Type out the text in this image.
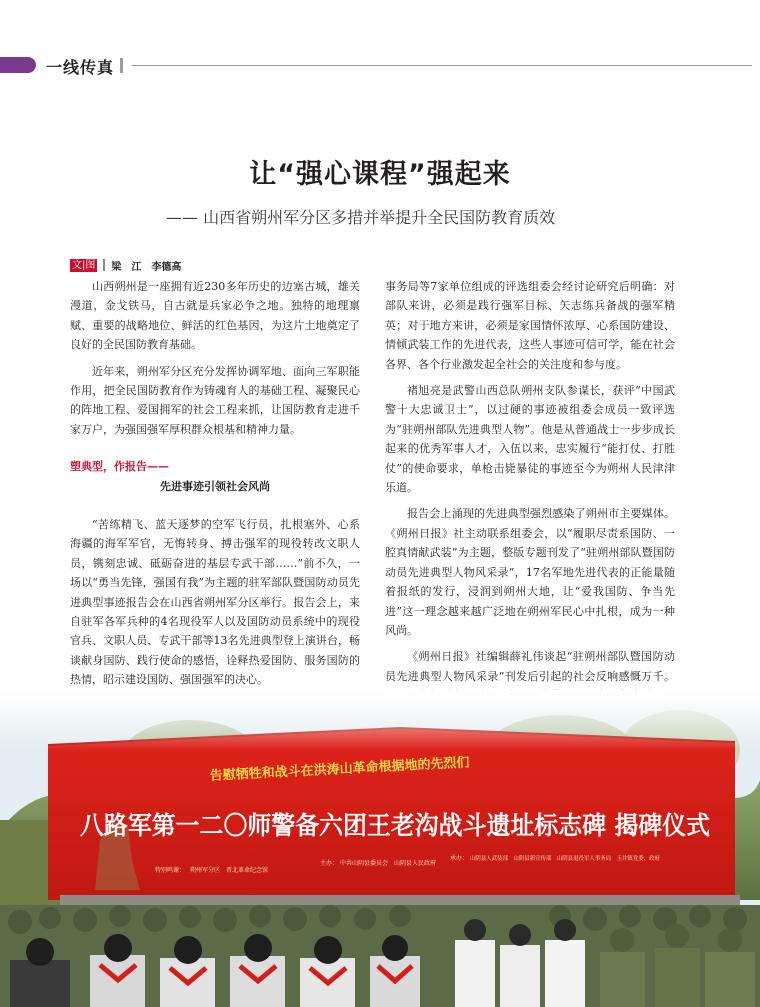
一线传真
让“强心课程”强起来
—— 山西省朔州军分区多措并举提升全民国防教育质效
文|图 梁　江　李德高

山西朔州是一座拥有近230多年历史的边塞古城，雄关漫道，金戈铁马，自古就是兵家必争之地。独特的地理禀赋、重要的战略地位、鲜活的红色基因，为这片土地奠定了良好的全民国防教育基础。

近年来，朔州军分区充分发挥协调军地、面向三军职能作用，把全民国防教育作为铸魂育人的基础工程、凝聚民心的阵地工程、爱国拥军的社会工程来抓，让国防教育走进千家万户，为强国强军厚积群众根基和精神力量。

塑典型，作报告——
先进事迹引领社会风尚

“苦练精飞、蓝天逐梦的空军飞行员，扎根塞外、心系海疆的海军军官，无悔转身、搏击强军的现役转改文职人员，镌刻忠诚、砥砺奋进的基层专武干部……”前不久，一场以“勇当先锋，强国有我”为主题的驻军部队暨国防动员先进典型事迹报告会在山西省朔州军分区举行。报告会上，来自驻军各军兵种的4名现役军人以及国防动员系统中的现役官兵、文职人员、专武干部等13名先进典型登上演讲台，畅谈献身国防、践行使命的感悟，诠释热爱国防、服务国防的热情，昭示建设国防、强国强军的决心。

事务局等7家单位组成的评选组委会经讨论研究后明确：对部队来讲，必须是践行强军目标、矢志练兵备战的强军精英；对于地方来讲，必须是家国情怀浓厚、心系国防建设、情倾武装工作的先进代表，这些人事迹可信可学，能在社会各界、各个行业激发起全社会的关注度和参与度。

褚旭亮是武警山西总队朔州支队参谋长，获评“中国武警十大忠诚卫士”，以过硬的事迹被组委会成员一致评选为“驻朔州部队先进典型人物”。他是从普通战士一步步成长起来的优秀军事人才，入伍以来，忠实履行“能打仗、打胜仗”的使命要求，单枪击毙暴徒的事迹至今为朔州人民津津乐道。

报告会上涌现的先进典型强烈感染了朔州市主要媒体。《朔州日报》社主动联系组委会，以“履职尽责系国防、一腔真情献武装”为主题，整版专题刊发了“驻朔州部队暨国防动员先进典型人物风采录”，17名军地先进代表的正能量随着报纸的发行，浸润到朔州大地，让“爱我国防、争当先进”这一理念越来越广泛地在朔州军民心中扎根，成为一种风尚。

《朔州日报》社编辑薛礼伟谈起“驻朔州部队暨国防动员先进典型人物风采录”刊发后引起的社会反响感慨万千。

告慰牺牲和战斗在洪涛山革命根据地的先烈们
八路军第一二〇师警备六团王老沟战斗遗址标志碑 揭碑仪式
特别鸣谢： 朔州军分区　晋北革命纪念馆
主办： 中共山阴县委员会　山阴县人民政府
承办： 山阴县人武装部　山阴县新宣传部　山阴县退役军人事务局　玉井镇党委、政府
